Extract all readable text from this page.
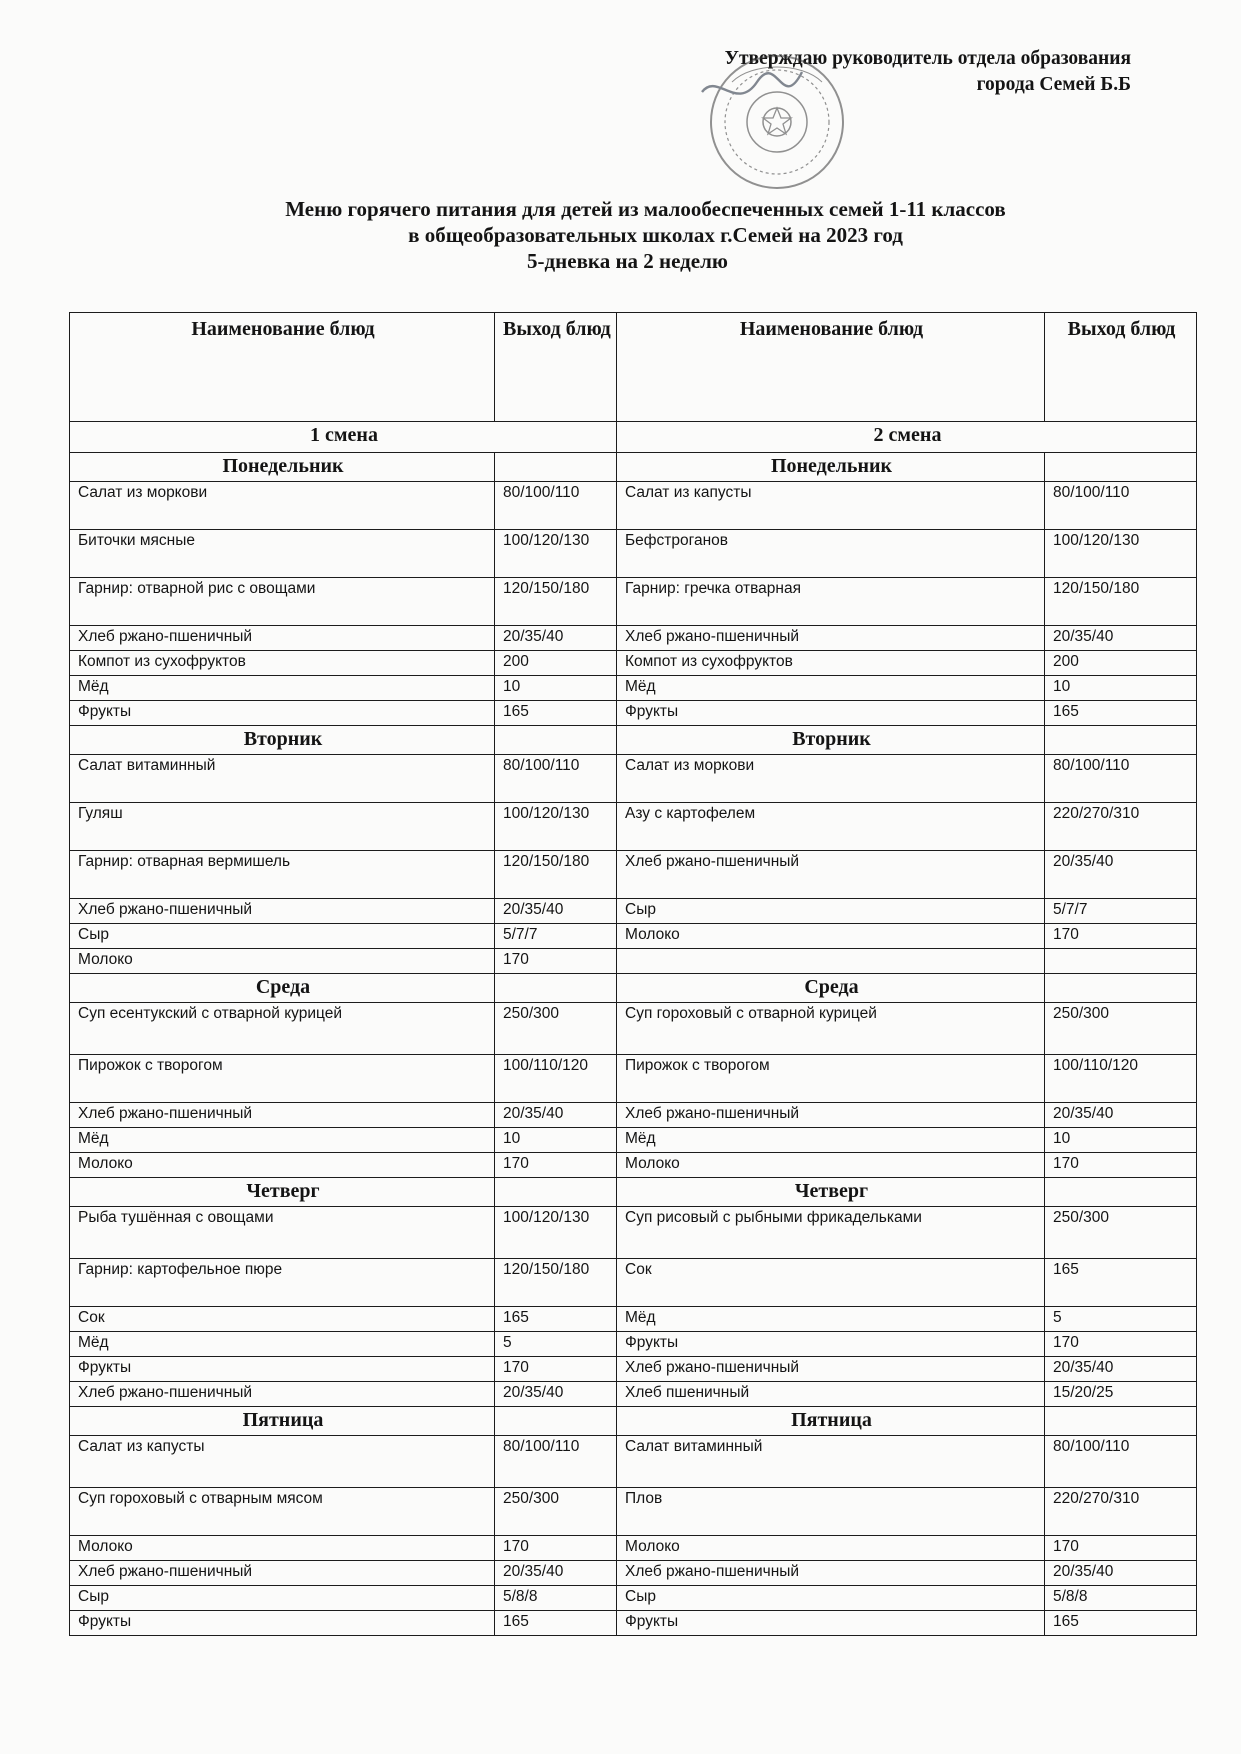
Утверждаю руководитель отдела образования
города Семей Б.Б
Меню горячего питания для детей из малообеспеченных семей 1-11 классов
в общеобразовательных школах г.Семей на 2023 год
5-дневка на 2 неделю
Наименование блюд	Выход блюд	Наименование блюд	Выход блюд
1 смена		2 смена	
Понедельник		Понедельник	
Салат из моркови	80/100/110	Салат из капусты	80/100/110
Биточки мясные	100/120/130	Бефстроганов	100/120/130
Гарнир: отварной рис с овощами	120/150/180	Гарнир: гречка отварная	120/150/180
Хлеб ржано-пшеничный	20/35/40	Хлеб ржано-пшеничный	20/35/40
Компот из сухофруктов	200	Компот из сухофруктов	200
Мёд	10	Мёд	10
Фрукты	165	Фрукты	165
Вторник		Вторник	
Салат витаминный	80/100/110	Салат из моркови	80/100/110
Гуляш	100/120/130	Азу с картофелем	220/270/310
Гарнир: отварная вермишель	120/150/180	Хлеб ржано-пшеничный	20/35/40
Хлеб ржано-пшеничный	20/35/40	Сыр	5/7/7
Сыр	5/7/7	Молоко	170
Молоко	170		
Среда		Среда	
Суп есентукский с отварной курицей	250/300	Суп гороховый с отварной курицей	250/300
Пирожок с творогом	100/110/120	Пирожок с творогом	100/110/120
Хлеб ржано-пшеничный	20/35/40	Хлеб ржано-пшеничный	20/35/40
Мёд	10	Мёд	10
Молоко	170	Молоко	170
Четверг		Четверг	
Рыба тушённая с овощами	100/120/130	Суп рисовый с рыбными фрикадельками	250/300
Гарнир: картофельное пюре	120/150/180	Сок	165
Сок	165	Мёд	5
Мёд	5	Фрукты	170
Фрукты	170	Хлеб ржано-пшеничный	20/35/40
Хлеб ржано-пшеничный	20/35/40	Хлеб пшеничный	15/20/25
Пятница		Пятница	
Салат из капусты	80/100/110	Салат витаминный	80/100/110
Суп гороховый с отварным мясом	250/300	Плов	220/270/310
Молоко	170	Молоко	170
Хлеб ржано-пшеничный	20/35/40	Хлеб ржано-пшеничный	20/35/40
Сыр	5/8/8	Сыр	5/8/8
Фрукты	165	Фрукты	165
